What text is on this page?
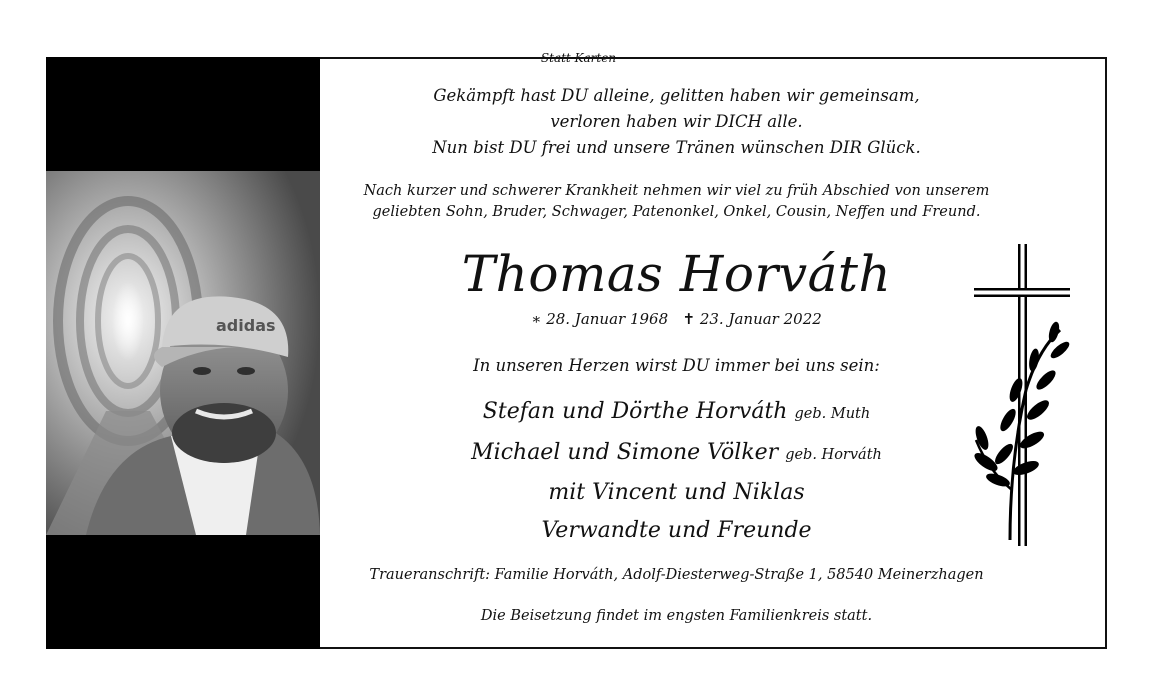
Statt Karten
adidas
Gekämpft hast DU alleine, gelitten haben wir gemeinsam,
verloren haben wir DICH alle.
Nun bist DU frei und unsere Tränen wünschen DIR Glück.
Nach kurzer und schwerer Krankheit nehmen wir viel zu früh Abschied von unserem
geliebten Sohn, Bruder, Schwager, Patenonkel, Onkel, Cousin, Neffen und Freund.
Thomas Horváth
∗ 28. Januar 1968 ✝ 23. Januar 2022
In unseren Herzen wirst DU immer bei uns sein:
Stefan und Dörthe Horváth geb. Muth
Michael und Simone Völker geb. Horváth
mit Vincent und Niklas
Verwandte und Freunde
Traueranschrift: Familie Horváth, Adolf-Diesterweg-Straße 1, 58540 Meinerzhagen
Die Beisetzung findet im engsten Familienkreis statt.
